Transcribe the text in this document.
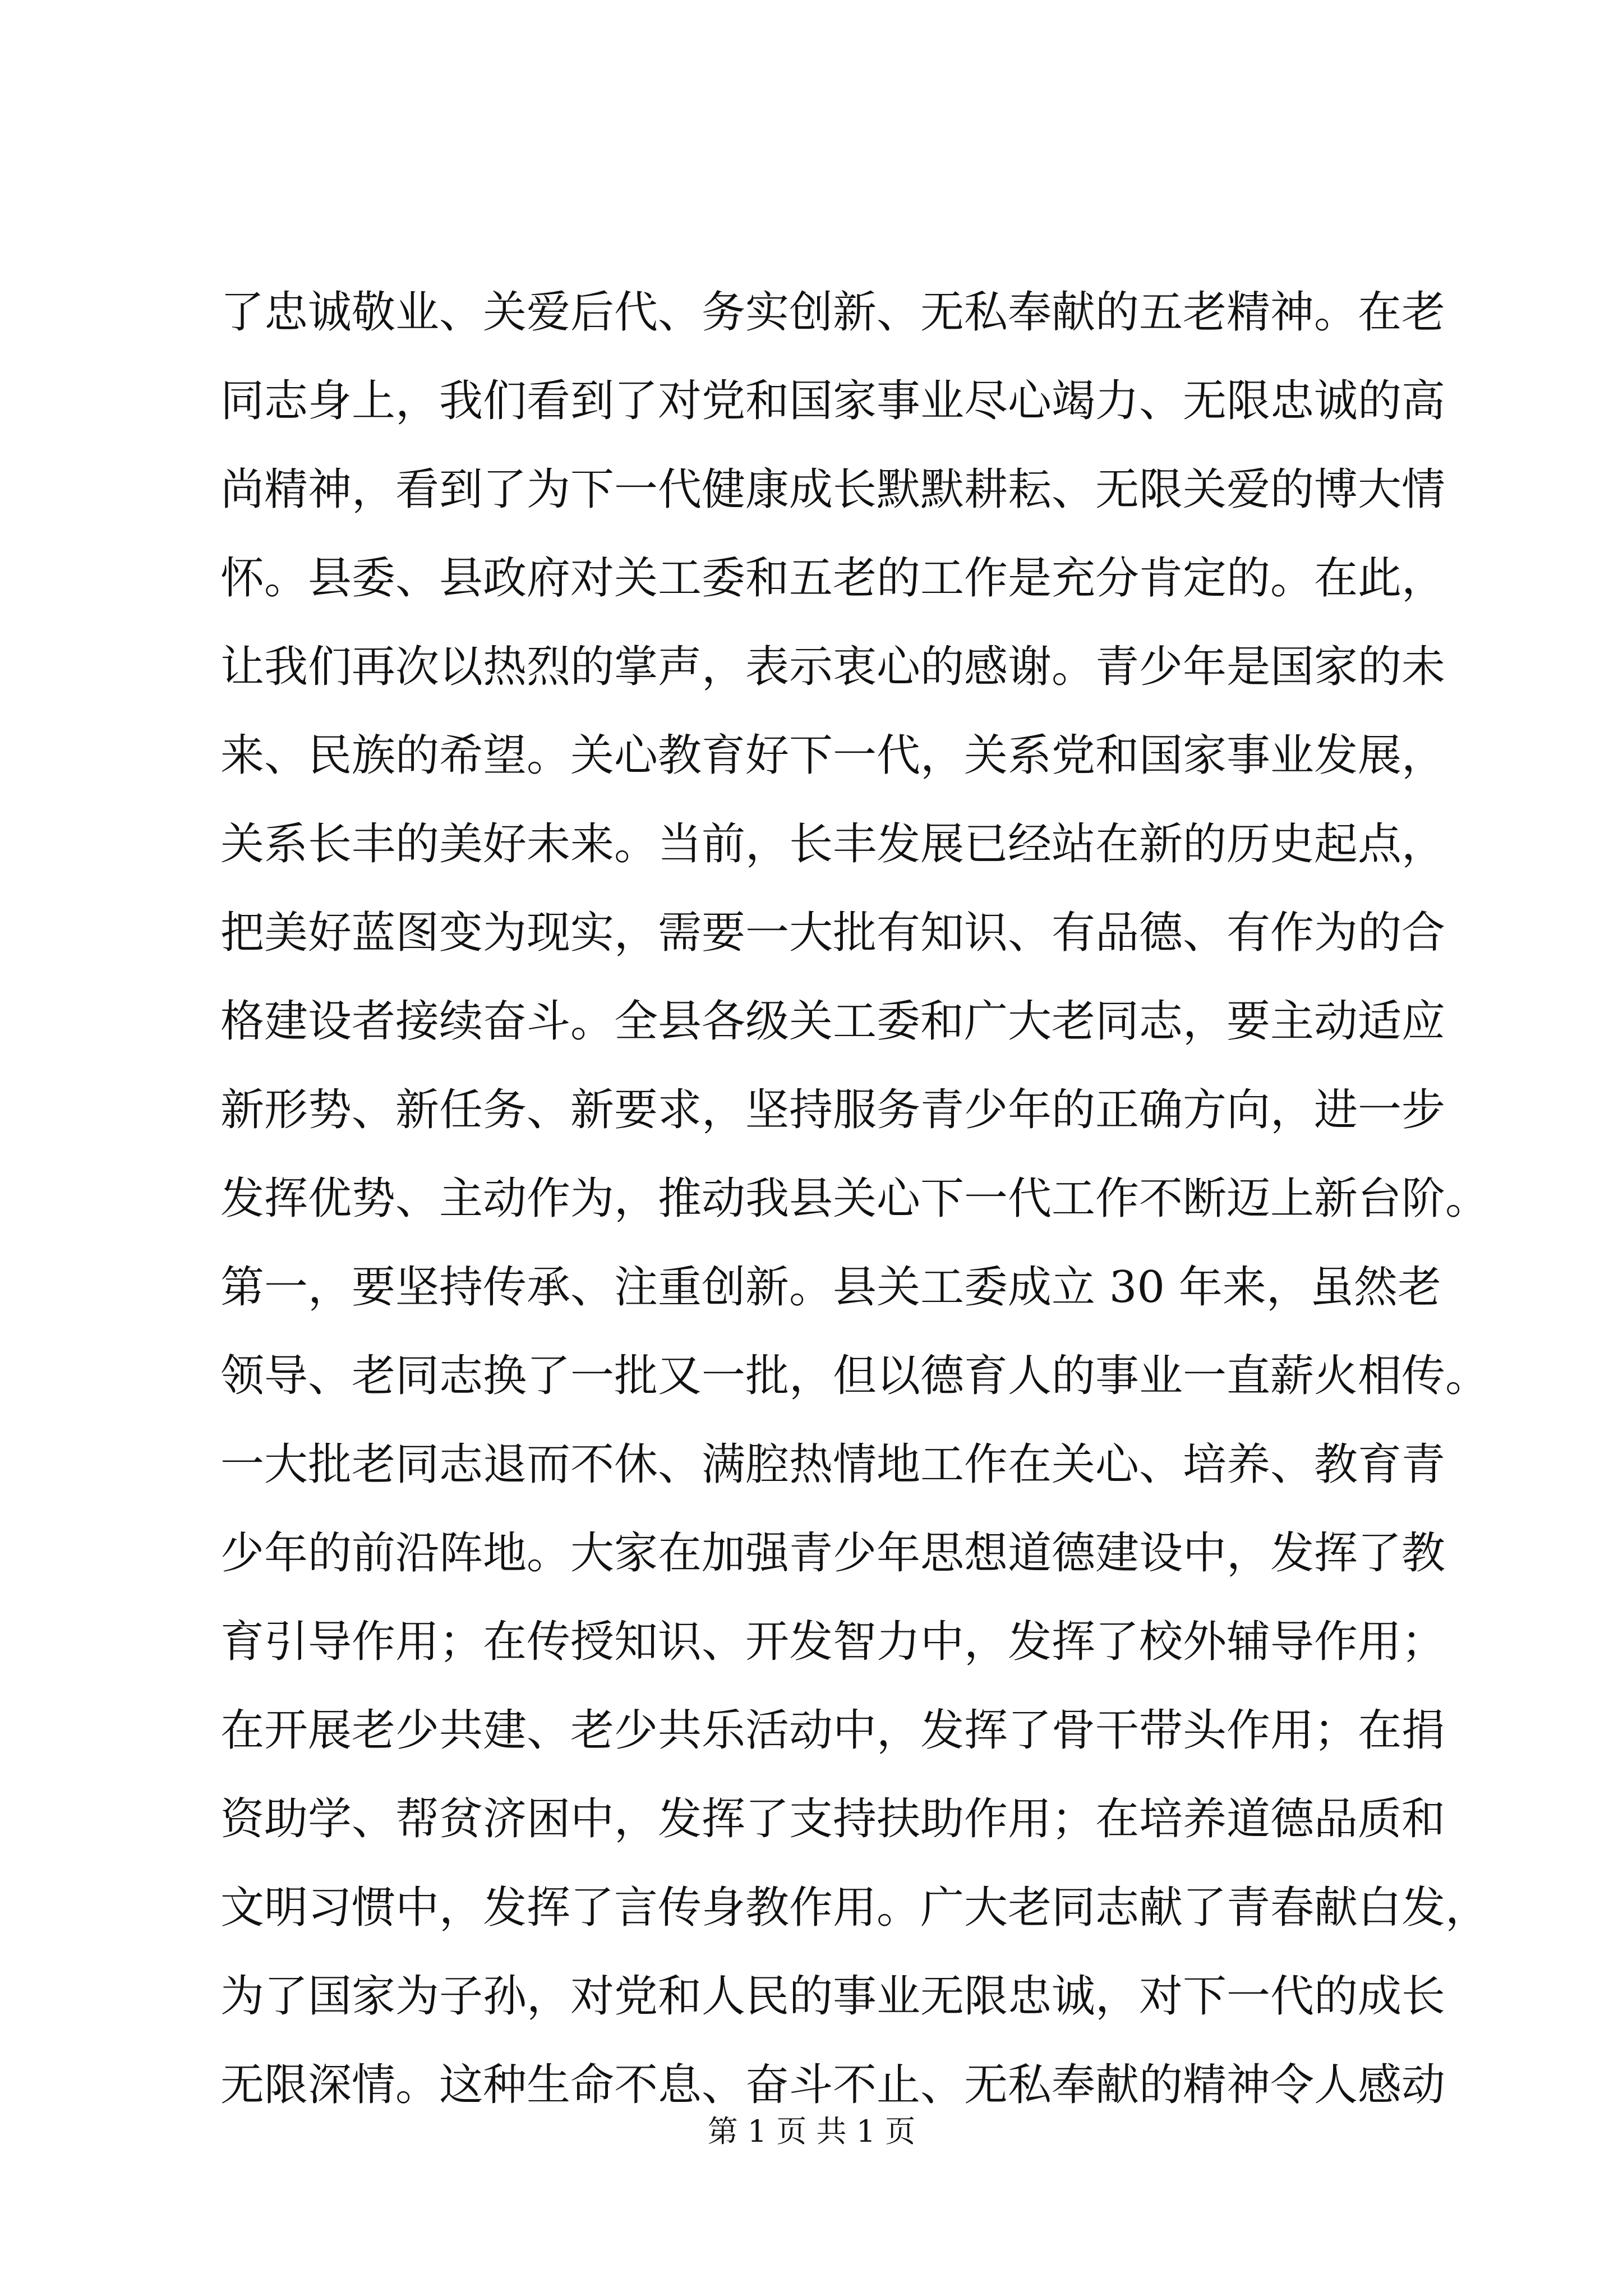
了忠诚敬业、关爱后代、务实创新、无私奉献的五老精神。在老
同志身上，我们看到了对党和国家事业尽心竭力、无限忠诚的高
尚精神，看到了为下一代健康成长默默耕耘、无限关爱的博大情
怀。县委、县政府对关工委和五老的工作是充分肯定的。在此，
让我们再次以热烈的掌声，表示衷心的感谢。青少年是国家的未
来、民族的希望。关心教育好下一代，关系党和国家事业发展，
关系长丰的美好未来。当前，长丰发展已经站在新的历史起点，
把美好蓝图变为现实，需要一大批有知识、有品德、有作为的合
格建设者接续奋斗。全县各级关工委和广大老同志，要主动适应
新形势、新任务、新要求，坚持服务青少年的正确方向，进一步
发挥优势、主动作为，推动我县关心下一代工作不断迈上新台阶。
第一，要坚持传承、注重创新。县关工委成立 30 年来，虽然老
领导、老同志换了一批又一批，但以德育人的事业一直薪火相传。
一大批老同志退而不休、满腔热情地工作在关心、培养、教育青
少年的前沿阵地。大家在加强青少年思想道德建设中，发挥了教
育引导作用；在传授知识、开发智力中，发挥了校外辅导作用；
在开展老少共建、老少共乐活动中，发挥了骨干带头作用；在捐
资助学、帮贫济困中，发挥了支持扶助作用；在培养道德品质和
文明习惯中，发挥了言传身教作用。广大老同志献了青春献白发，
为了国家为子孙，对党和人民的事业无限忠诚，对下一代的成长
无限深情。这种生命不息、奋斗不止、无私奉献的精神令人感动
第 1 页 共 1 页
